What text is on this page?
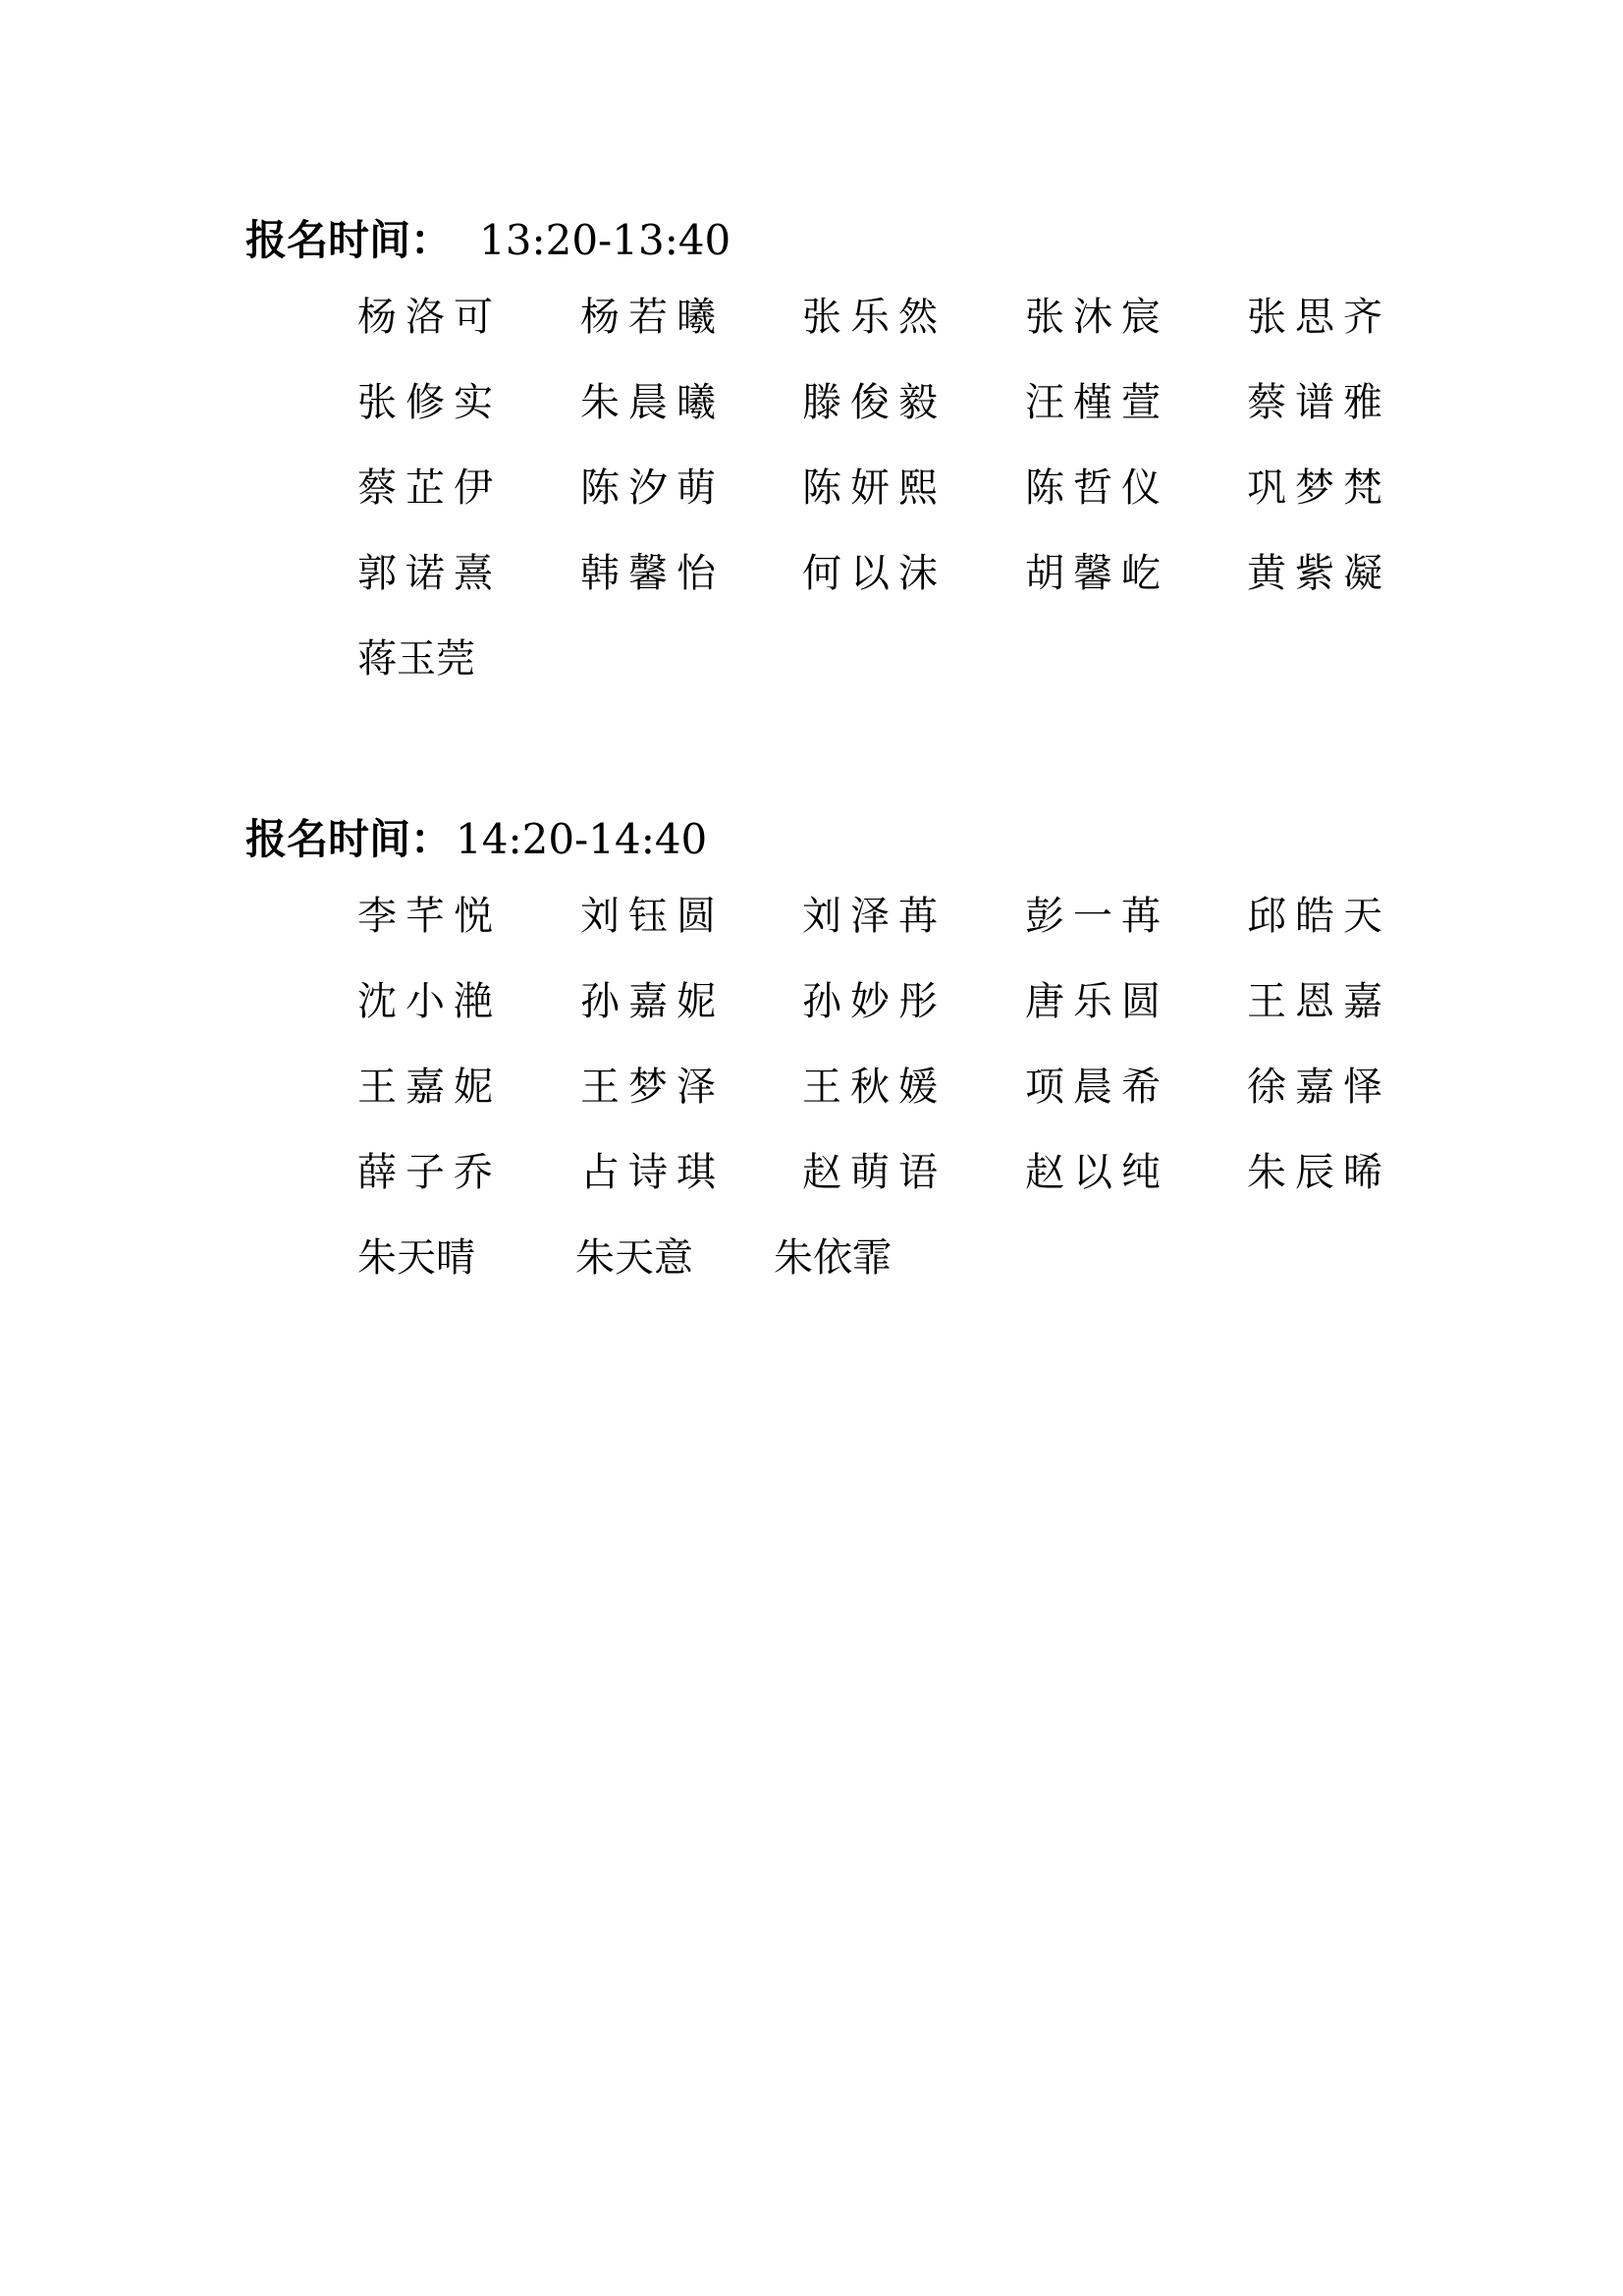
报名时间： 13:20-13:40
杨洛可 杨若曦 张乐然 张沐宸 张思齐
张修实 朱晨曦 滕俊毅 汪槿萱 蔡谱雅
蔡芷伊 陈汐萌 陈妍熙 陈哲仪 巩梦梵
郭诺熹 韩馨怡 何以沫 胡馨屹 黄紫凝
蒋玉莞
报名时间：14:20-14:40
李芊悦 刘钰圆 刘泽苒 彭一苒 邱皓天
沈小滟 孙嘉妮 孙妙彤 唐乐圆 王恩嘉
王嘉妮 王梦泽 王秋媛 项晨希 徐嘉怿
薛子乔 占诗琪 赵萌语 赵以纯 朱辰晞
朱天晴	朱天意 朱依霏
